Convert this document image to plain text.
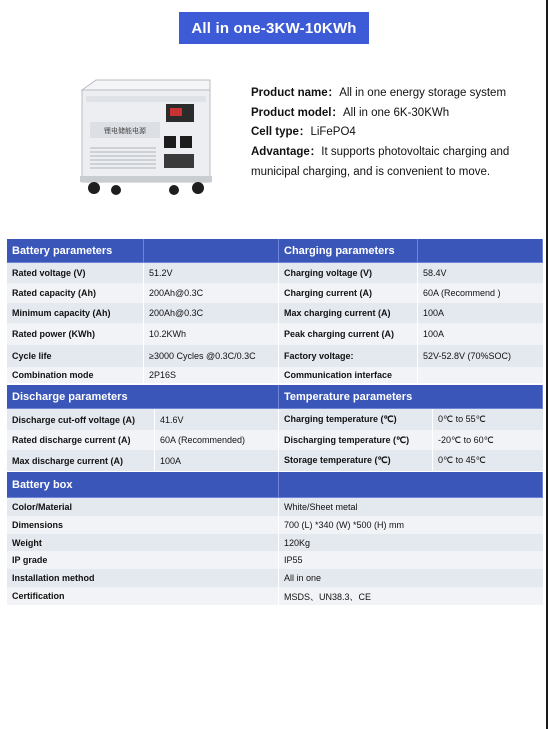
All in one-3KW-10KWh
锂电储能电源
Product name：All in one energy storage system
Product model：All in one 6K-30KWh
Cell type：LiFePO4
Advantage：It supports photovoltaic charging and municipal charging, and is convenient to move.
Battery parameters	Charging parameters
Rated voltage (V)	51.2V	Charging voltage (V)	58.4V
Rated capacity (Ah)	200Ah@0.3C	Charging current (A)	60A (Recommend )
Minimum capacity (Ah)	200Ah@0.3C	Max charging current (A)	100A
Rated power (KWh)	10.2KWh	Peak charging current (A)	100A
Cycle life	≥3000 Cycles @0.3C/0.3C	Factory voltage:	52V-52.8V (70%SOC)
Combination mode	2P16S	Communication interface
Discharge parameters	Temperature parameters
Discharge cut-off voltage (A)	41.6V	Charging temperature (℃)	0℃ to 55℃
Rated discharge current (A)	60A (Recommended)	Discharging temperature (℃)	-20℃ to 60℃
Max discharge current (A)	100A	Storage temperature (℃)	0℃ to 45℃
Battery box
Color/Material	White/Sheet metal
Dimensions	700 (L) *340 (W) *500 (H) mm
Weight	120Kg
IP grade	IP55
Installation method	All in one
Certification	MSDS、UN38.3、CE
